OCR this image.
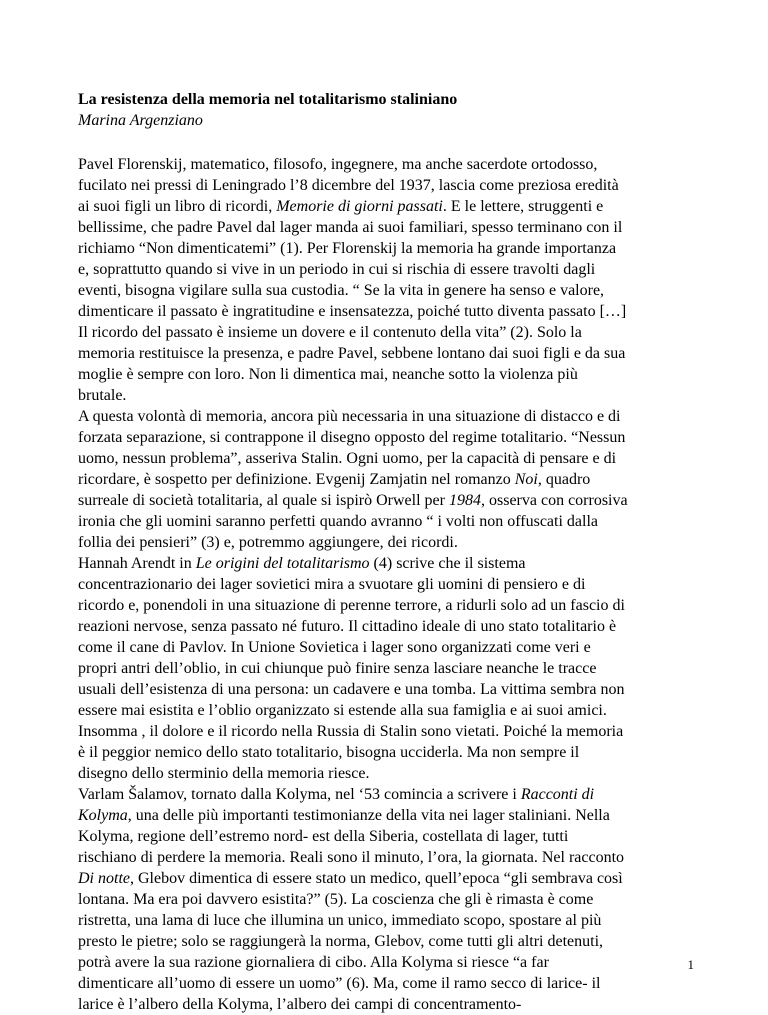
La resistenza della memoria nel totalitarismo staliniano

Marina Argenziano

Pavel Florenskij, matematico, filosofo, ingegnere, ma anche sacerdote ortodosso,
fucilato nei pressi di Leningrado l’8 dicembre del 1937, lascia come preziosa eredità
ai suoi figli un libro di ricordi, Memorie di giorni passati. E le lettere, struggenti e
bellissime, che padre Pavel dal lager manda ai suoi familiari, spesso terminano con il
richiamo “Non dimenticatemi” (1). Per Florenskij la memoria ha grande importanza
e, soprattutto quando si vive in un periodo in cui si rischia di essere travolti dagli
eventi, bisogna vigilare sulla sua custodia. “ Se la vita in genere ha senso e valore,
dimenticare il passato è ingratitudine e insensatezza, poiché tutto diventa passato […]
Il ricordo del passato è insieme un dovere e il contenuto della vita” (2). Solo la
memoria restituisce la presenza, e padre Pavel, sebbene lontano dai suoi figli e da sua
moglie è sempre con loro. Non li dimentica mai, neanche sotto la violenza più
brutale.
A questa volontà di memoria, ancora più necessaria in una situazione di distacco e di
forzata separazione, si contrappone il disegno opposto del regime totalitario. “Nessun
uomo, nessun problema”, asseriva Stalin. Ogni uomo, per la capacità di pensare e di
ricordare, è sospetto per definizione. Evgenij Zamjatin nel romanzo Noi, quadro
surreale di società totalitaria, al quale si ispirò Orwell per 1984, osserva con corrosiva
ironia che gli uomini saranno perfetti quando avranno “ i volti non offuscati dalla
follia dei pensieri” (3) e, potremmo aggiungere, dei ricordi.
Hannah Arendt in Le origini del totalitarismo (4) scrive che il sistema
concentrazionario dei lager sovietici mira a svuotare gli uomini di pensiero e di
ricordo e, ponendoli in una situazione di perenne terrore, a ridurli solo ad un fascio di
reazioni nervose, senza passato né futuro. Il cittadino ideale di uno stato totalitario è
come il cane di Pavlov. In Unione Sovietica i lager sono organizzati come veri e
propri antri dell’oblio, in cui chiunque può finire senza lasciare neanche le tracce
usuali dell’esistenza di una persona: un cadavere e una tomba. La vittima sembra non
essere mai esistita e l’oblio organizzato si estende alla sua famiglia e ai suoi amici.
Insomma , il dolore e il ricordo nella Russia di Stalin sono vietati. Poiché la memoria
è il peggior nemico dello stato totalitario, bisogna ucciderla. Ma non sempre il
disegno dello sterminio della memoria riesce.
Varlam Šalamov, tornato dalla Kolyma, nel ‘53 comincia a scrivere i Racconti di
Kolyma, una delle più importanti testimonianze della vita nei lager staliniani. Nella
Kolyma, regione dell’estremo nord- est della Siberia, costellata di lager, tutti
rischiano di perdere la memoria. Reali sono il minuto, l’ora, la giornata. Nel racconto
Di notte, Glebov dimentica di essere stato un medico, quell’epoca “gli sembrava così
lontana. Ma era poi davvero esistita?” (5). La coscienza che gli è rimasta è come
ristretta, una lama di luce che illumina un unico, immediato scopo, spostare al più
presto le pietre; solo se raggiungerà la norma, Glebov, come tutti gli altri detenuti,
potrà avere la sua razione giornaliera di cibo. Alla Kolyma si riesce “a far
dimenticare all’uomo di essere un uomo” (6). Ma, come il ramo secco di larice- il
larice è l’albero della Kolyma, l’albero dei campi di concentramento-
1
